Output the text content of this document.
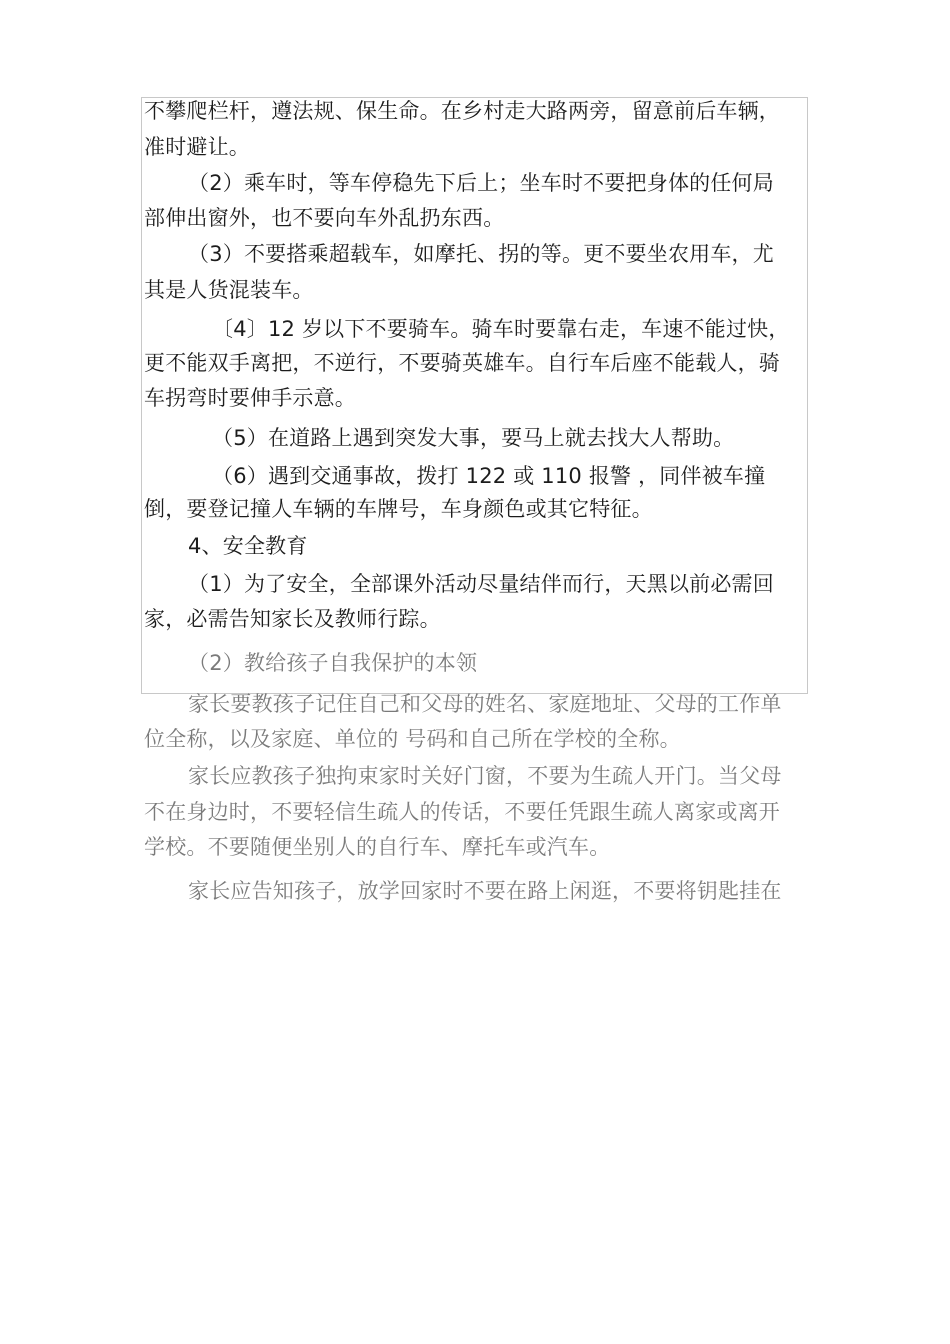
不攀爬栏杆，遵法规、保生命。在乡村走大路两旁，留意前后车辆，
准时避让。
（2）乘车时，等车停稳先下后上；坐车时不要把身体的任何局
部伸出窗外，也不要向车外乱扔东西。
（3）不要搭乘超载车，如摩托、拐的等。更不要坐农用车，尤
其是人货混装车。
〔4〕12 岁以下不要骑车。骑车时要靠右走，车速不能过快，
更不能双手离把，不逆行，不要骑英雄车。自行车后座不能载人，骑
车拐弯时要伸手示意。
（5）在道路上遇到突发大事，要马上就去找大人帮助。
（6）遇到交通事故，拨打 122 或 110 报警 ，同伴被车撞
倒，要登记撞人车辆的车牌号，车身颜色或其它特征。
4、安全教育
（1）为了安全，全部课外活动尽量结伴而行，天黑以前必需回
家，必需告知家长及教师行踪。
（2）教给孩子自我保护的本领
家长要教孩子记住自己和父母的姓名、家庭地址、父母的工作单
位全称，以及家庭、单位的 号码和自己所在学校的全称。
家长应教孩子独拘束家时关好门窗，不要为生疏人开门。当父母
不在身边时，不要轻信生疏人的传话，不要任凭跟生疏人离家或离开
学校。不要随便坐别人的自行车、摩托车或汽车。
家长应告知孩子，放学回家时不要在路上闲逛，不要将钥匙挂在
